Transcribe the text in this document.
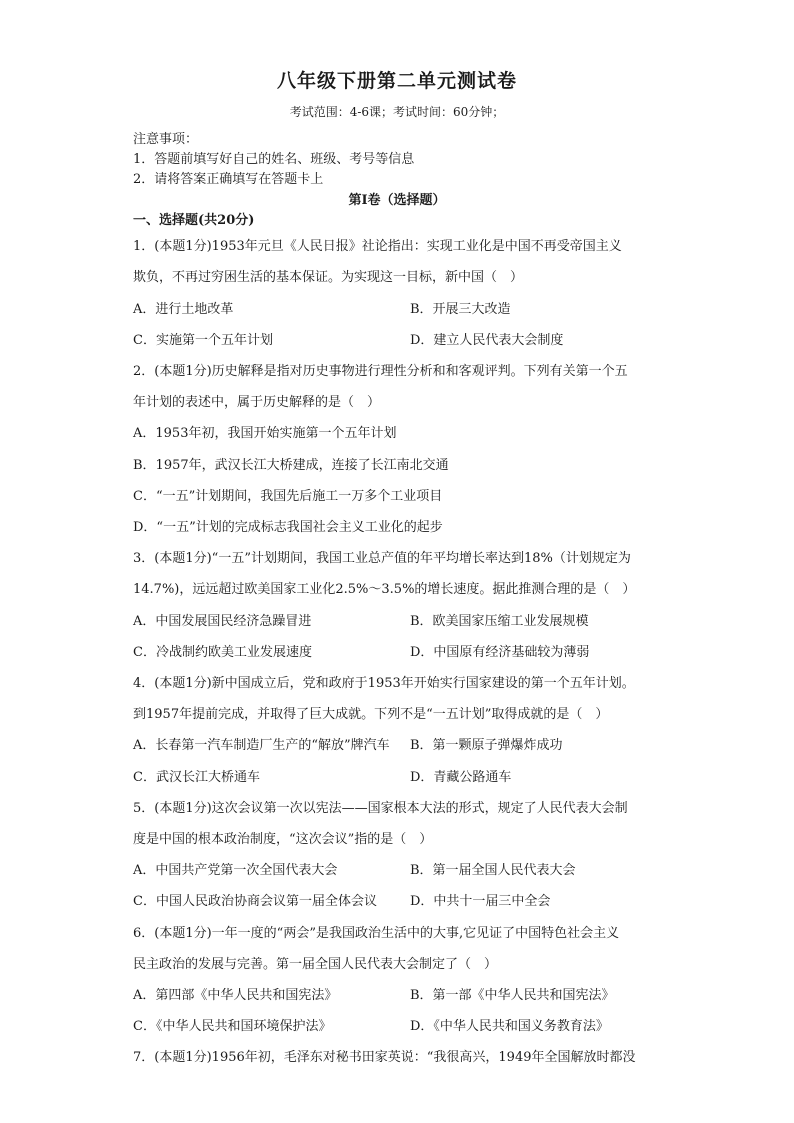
八年级下册第二单元测试卷
考试范围：4-6课；考试时间：60分钟；
注意事项：
1．答题前填写好自己的姓名、班级、考号等信息
2．请将答案正确填写在答题卡上
第I卷（选择题）
一、选择题(共20分)
1．(本题1分)1953年元旦《人民日报》社论指出：实现工业化是中国不再受帝国主义
欺负，不再过穷困生活的基本保证。为实现这一目标，新中国（　）
A．进行土地改革	B．开展三大改造
C．实施第一个五年计划	D．建立人民代表大会制度
2．(本题1分)历史解释是指对历史事物进行理性分析和和客观评判。下列有关第一个五
年计划的表述中，属于历史解释的是（　）
A．1953年初，我国开始实施第一个五年计划
B．1957年，武汉长江大桥建成，连接了长江南北交通
C．“一五”计划期间，我国先后施工一万多个工业项目
D．“一五”计划的完成标志我国社会主义工业化的起步
3．(本题1分)“一五”计划期间，我国工业总产值的年平均增长率达到18%（计划规定为
14.7%)，远远超过欧美国家工业化2.5%～3.5%的增长速度。据此推测合理的是（　）
A．中国发展国民经济急躁冒进	B．欧美国家压缩工业发展规模
C．冷战制约欧美工业发展速度	D．中国原有经济基础较为薄弱
4．(本题1分)新中国成立后，党和政府于1953年开始实行国家建设的第一个五年计划。
到1957年提前完成，并取得了巨大成就。下列不是“一五计划”取得成就的是（　）
A．长春第一汽车制造厂生产的“解放”牌汽车 B．第一颗原子弹爆炸成功
C．武汉长江大桥通车	D．青藏公路通车
5．(本题1分)这次会议第一次以宪法——国家根本大法的形式，规定了人民代表大会制
度是中国的根本政治制度，“这次会议”指的是（　）
A．中国共产党第一次全国代表大会	B．第一届全国人民代表大会
C．中国人民政治协商会议第一届全体会议	D．中共十一届三中全会
6．(本题1分)一年一度的“两会”是我国政治生活中的大事,它见证了中国特色社会主义
民主政治的发展与完善。第一届全国人民代表大会制定了（　）
A．第四部《中华人民共和国宪法》	B．第一部《中华人民共和国宪法》
C．《中华人民共和国环境保护法》	D．《中华人民共和国义务教育法》
7．(本题1分)1956年初，毛泽东对秘书田家英说：“我很高兴，1949年全国解放时都没
